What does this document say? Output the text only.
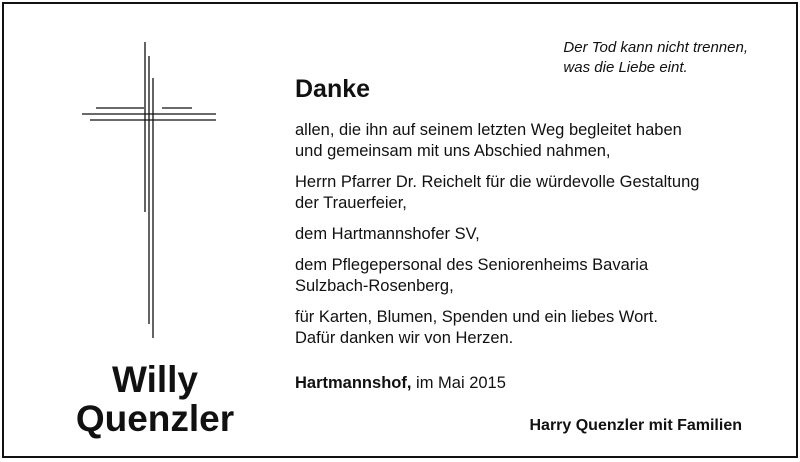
Der Tod kann nicht trennen,
was die Liebe eint.
Danke
allen, die ihn auf seinem letzten Weg begleitet haben
und gemeinsam mit uns Abschied nahmen,
Herrn Pfarrer Dr. Reichelt für die würdevolle Gestaltung
der Trauerfeier,
dem Hartmannshofer SV,
dem Pflegepersonal des Seniorenheims Bavaria
Sulzbach-Rosenberg,
für Karten, Blumen, Spenden und ein liebes Wort.
Dafür danken wir von Herzen.
Willy
Quenzler
Hartmannshof, im Mai 2015
Harry Quenzler mit Familien
